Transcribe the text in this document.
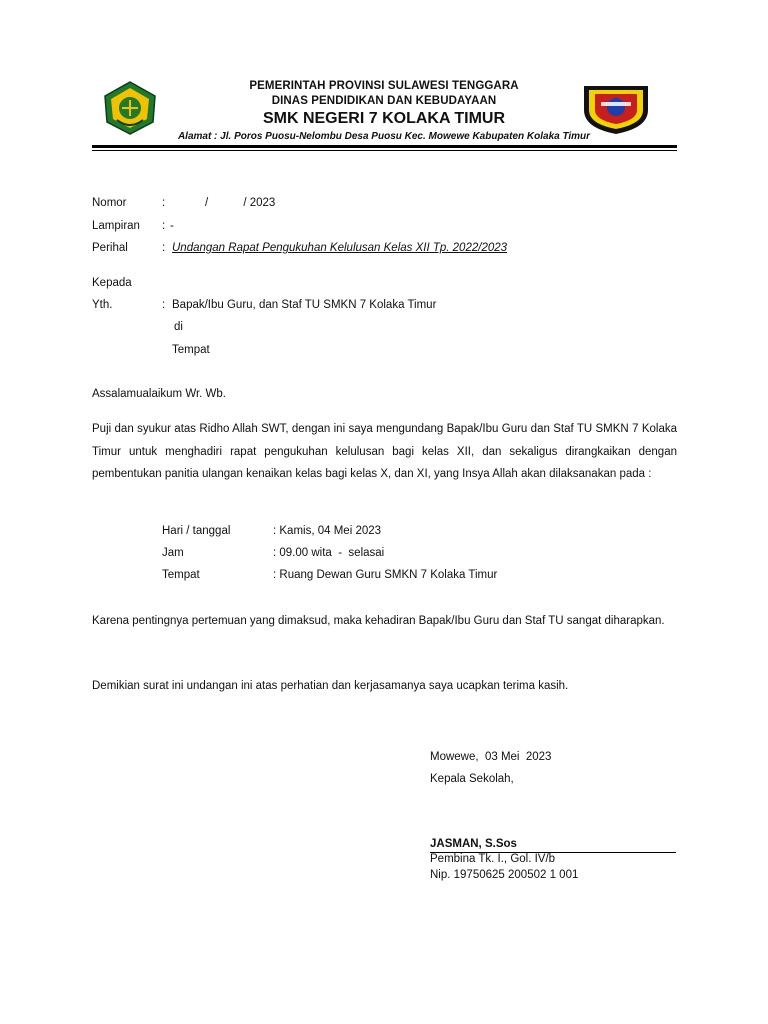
PEMERINTAH PROVINSI SULAWESI TENGGARA
DINAS PENDIDIKAN DAN KEBUDAYAAN
SMK NEGERI 7 KOLAKA TIMUR
Alamat : Jl. Poros Puosu-Nelombu Desa Puosu Kec. Mowewe Kabupaten Kolaka Timur
Nomor	:	/           / 2023
Lampiran : -
Perihal	: Undangan Rapat Pengukuhan Kelulusan Kelas XII Tp. 2022/2023
Kepada
Yth.	: Bapak/Ibu Guru, dan Staf TU SMKN 7 Kolaka Timur
di
Tempat
Assalamualaikum Wr. Wb.
Puji dan syukur atas Ridho Allah SWT, dengan ini saya mengundang Bapak/Ibu Guru dan Staf TU SMKN 7 Kolaka Timur untuk menghadiri rapat pengukuhan kelulusan bagi kelas XII, dan sekaligus dirangkaikan dengan pembentukan panitia ulangan kenaikan kelas bagi kelas X, dan XI, yang Insya Allah akan dilaksanakan pada :
Hari / tanggal	: Kamis, 04 Mei 2023
Jam	: 09.00 wita  -  selasai
Tempat	: Ruang Dewan Guru SMKN 7 Kolaka Timur
Karena pentingnya pertemuan yang dimaksud, maka kehadiran Bapak/Ibu Guru dan Staf TU sangat diharapkan.
Demikian surat ini undangan ini atas perhatian dan kerjasamanya saya ucapkan terima kasih.
Mowewe,  03 Mei  2023
Kepala Sekolah,
JASMAN, S.Sos
Pembina Tk. I., Gol. IV/b
Nip. 19750625 200502 1 001
